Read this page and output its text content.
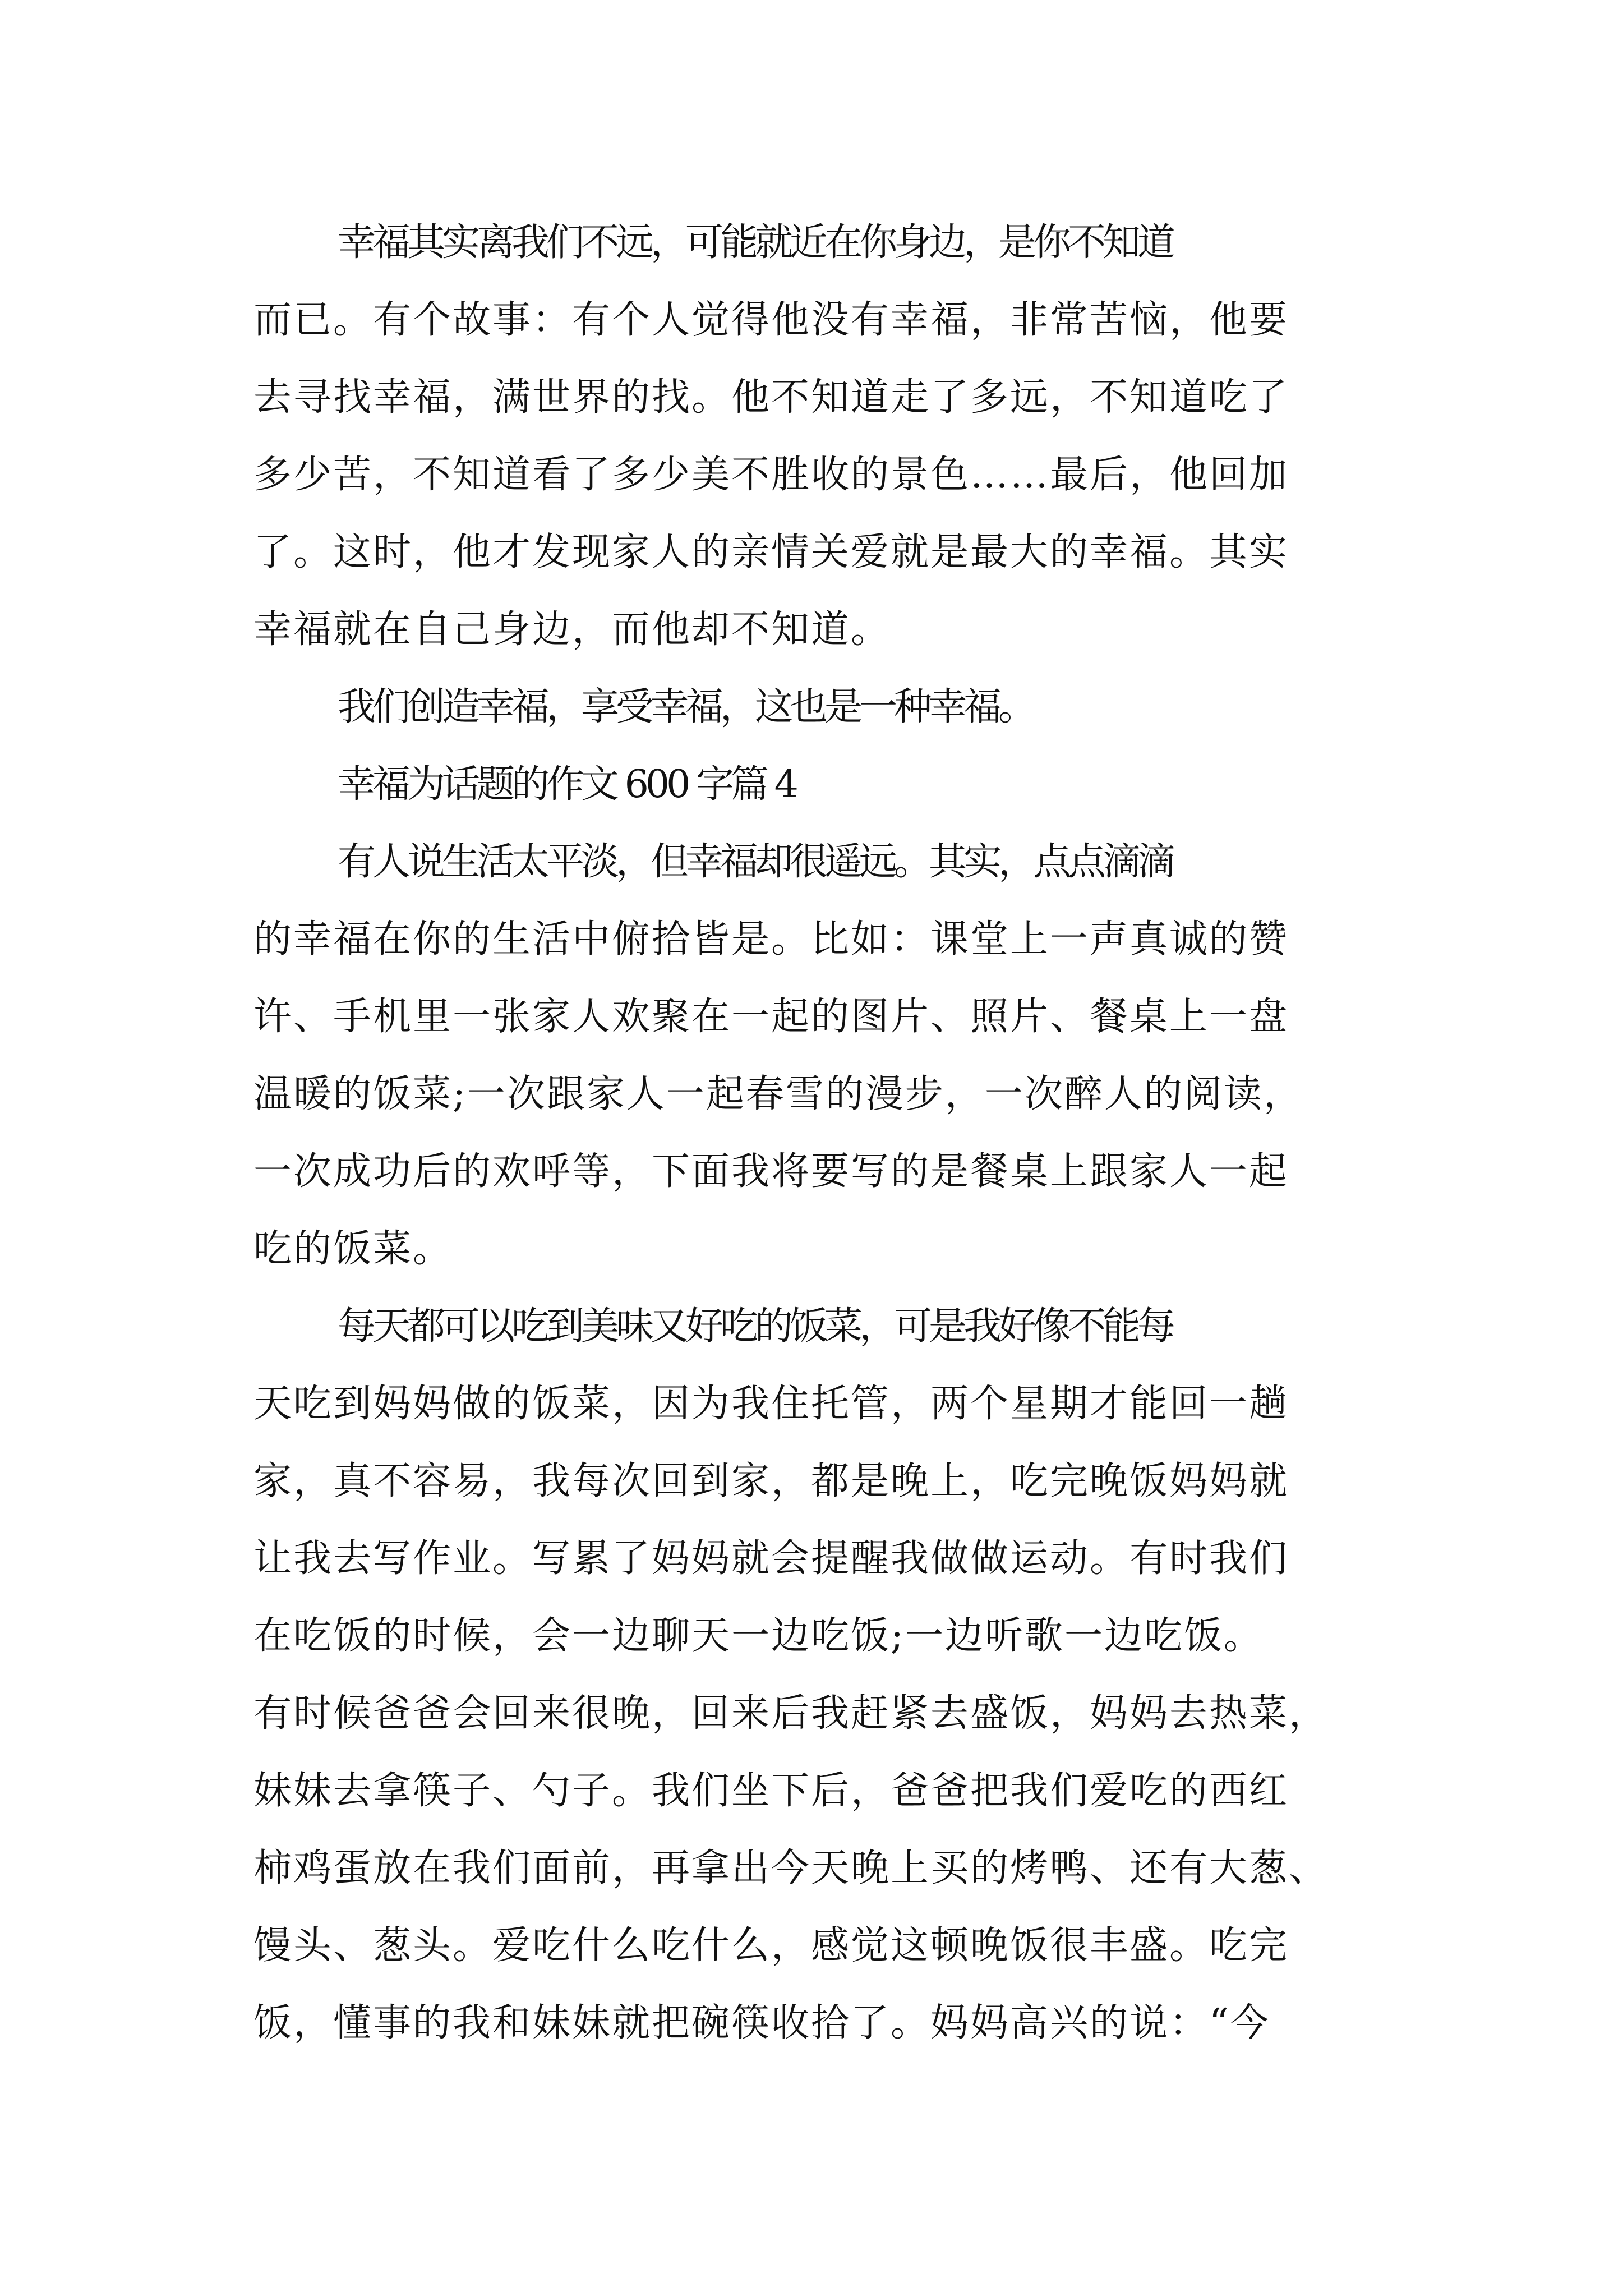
幸福其实离我们不远，可能就近在你身边，是你不知道
而已。有个故事：有个人觉得他没有幸福，非常苦恼，他要
去寻找幸福，满世界的找。他不知道走了多远，不知道吃了
多少苦，不知道看了多少美不胜收的景色……最后，他回加
了。这时，他才发现家人的亲情关爱就是最大的幸福。其实
幸福就在自己身边，而他却不知道。
我们创造幸福，享受幸福，这也是一种幸福。
幸福为话题的作文 600 字篇 4
有人说生活太平淡，但幸福却很遥远。其实，点点滴滴
的幸福在你的生活中俯拾皆是。比如：课堂上一声真诚的赞
许、手机里一张家人欢聚在一起的图片、照片、餐桌上一盘
温暖的饭菜;一次跟家人一起春雪的漫步，一次醉人的阅读，
一次成功后的欢呼等，下面我将要写的是餐桌上跟家人一起
吃的饭菜。
每天都可以吃到美味又好吃的饭菜，可是我好像不能每
天吃到妈妈做的饭菜，因为我住托管，两个星期才能回一趟
家，真不容易，我每次回到家，都是晚上，吃完晚饭妈妈就
让我去写作业。写累了妈妈就会提醒我做做运动。有时我们
在吃饭的时候，会一边聊天一边吃饭;一边听歌一边吃饭。
有时候爸爸会回来很晚，回来后我赶紧去盛饭，妈妈去热菜，
妹妹去拿筷子、勺子。我们坐下后，爸爸把我们爱吃的西红
柿鸡蛋放在我们面前，再拿出今天晚上买的烤鸭、还有大葱、
馒头、葱头。爱吃什么吃什么，感觉这顿晚饭很丰盛。吃完
饭，懂事的我和妹妹就把碗筷收拾了。妈妈高兴的说：“今
